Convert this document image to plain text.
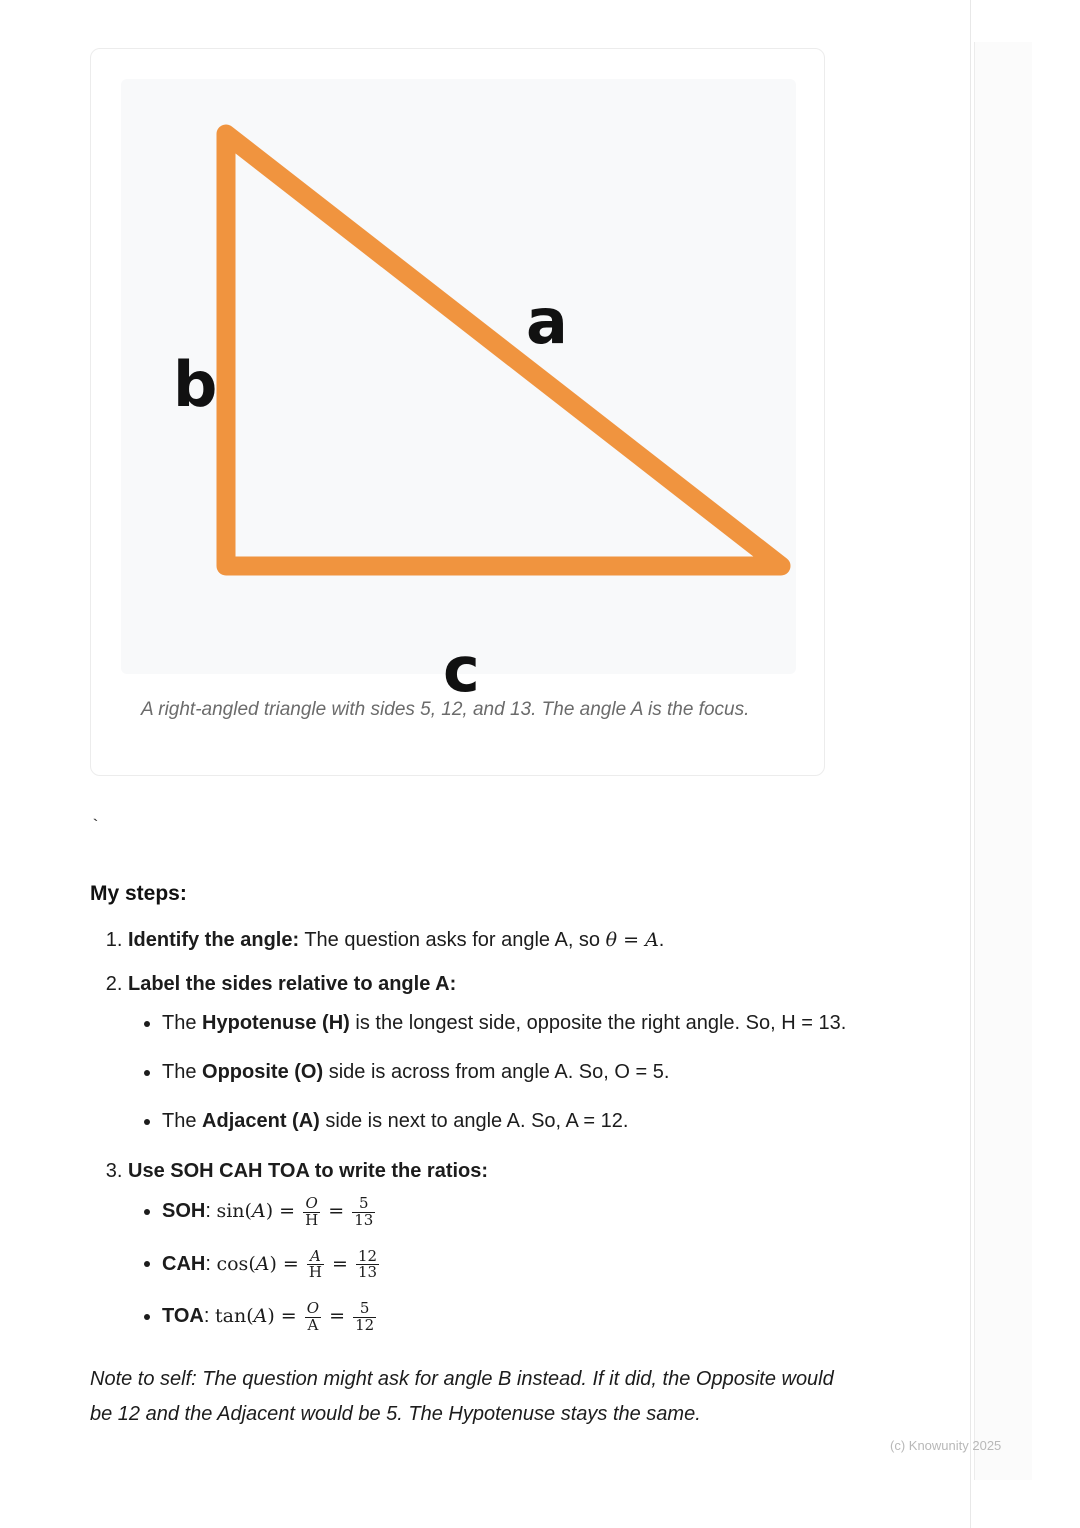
b
a
c
A right-angled triangle with sides 5, 12, and 13. The angle A is the focus.
`
My steps:
1. Identify the angle: The question asks for angle A, so θ = A.
2. Label the sides relative to angle A:
• The Hypotenuse (H) is the longest side, opposite the right angle. So, H = 13.
• The Opposite (O) side is across from angle A. So, O = 5.
• The Adjacent (A) side is next to angle A. So, A = 12.
3. Use SOH CAH TOA to write the ratios:
• SOH: $\sin(A) = \frac{O}{H} = \frac{5}{13}$
• CAH: $\cos(A) = \frac{A}{H} = \frac{12}{13}$
• TOA: $\tan(A) = \frac{O}{A} = \frac{5}{12}$
Note to self: The question might ask for angle B instead. If it did, the Opposite would be 12 and the Adjacent would be 5. The Hypotenuse stays the same.
(c) Knowunity 2025
